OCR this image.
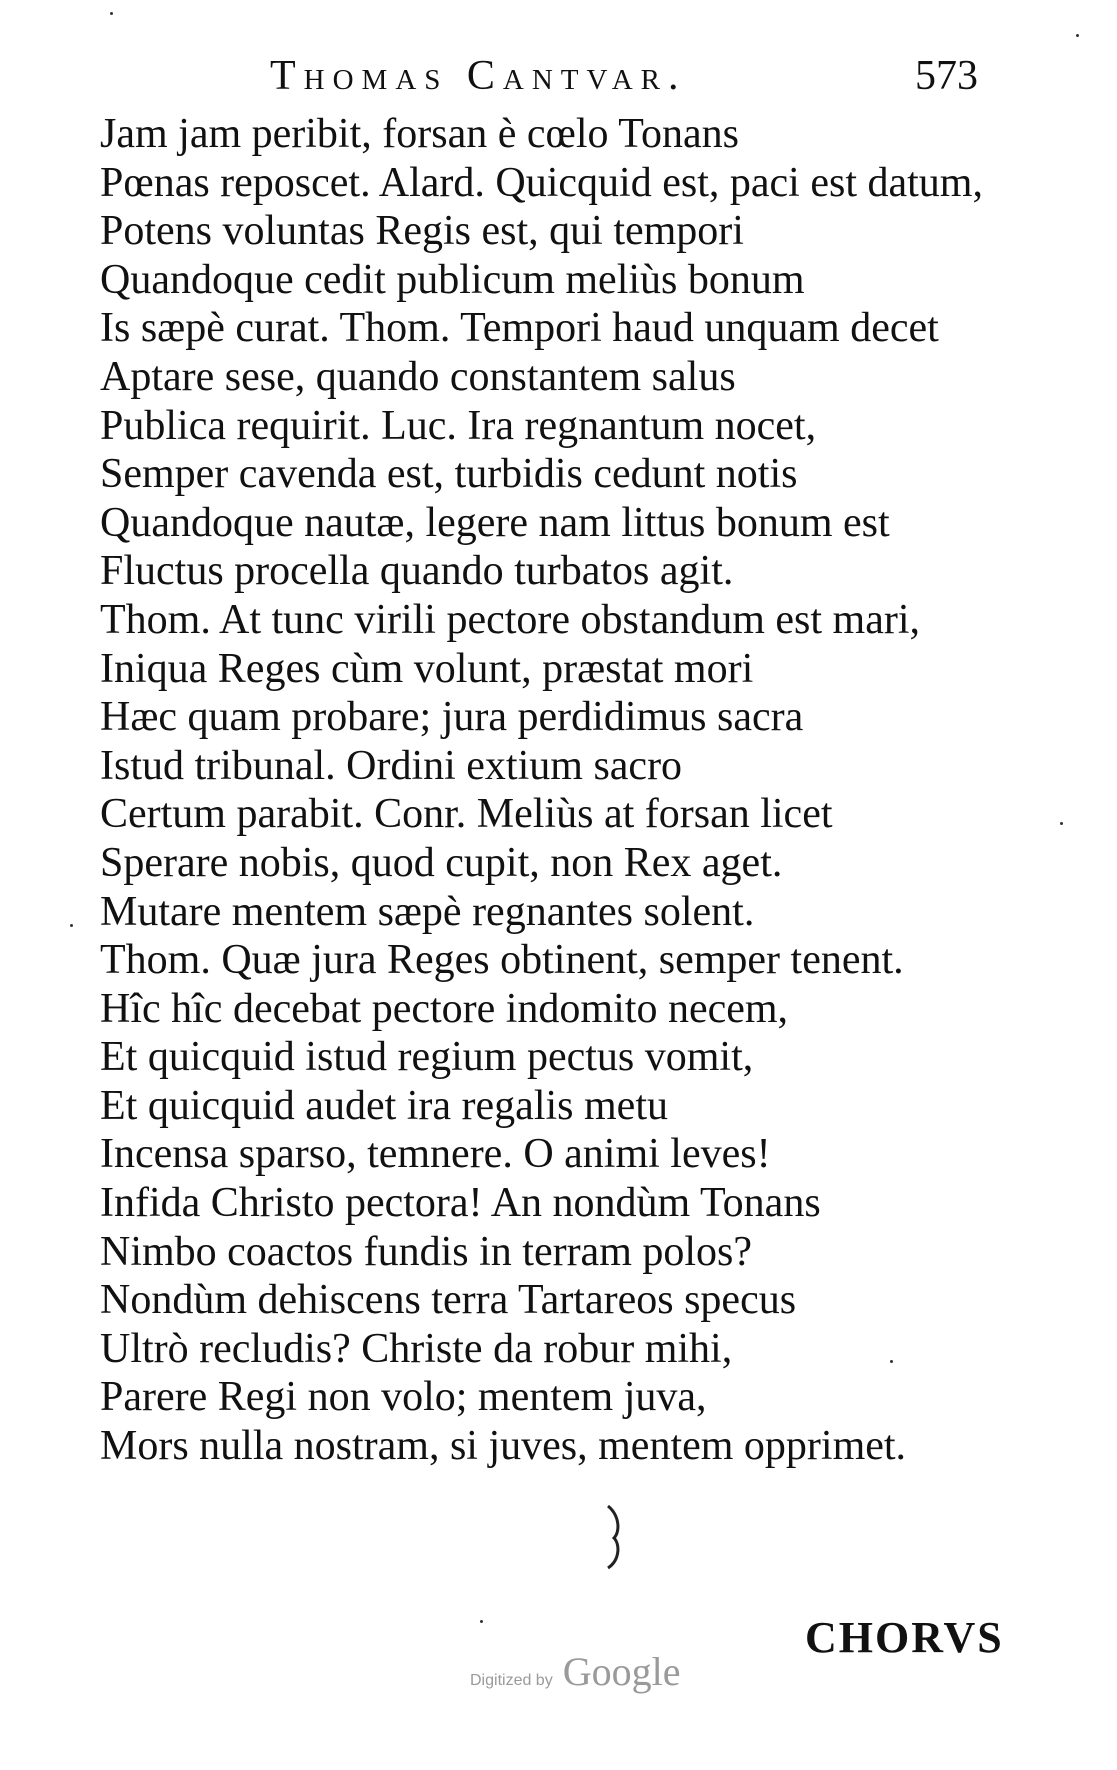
Thomas Cantvar.	573
Jam jam peribit, forsan è cœlo Tonans
Pœnas reposcet. Alard. Quicquid est, paci est datum,
Potens voluntas Regis est, qui tempori
Quandoque cedit publicum meliùs bonum
Is sæpè curat. Thom. Tempori haud unquam decet
Aptare sese, quando constantem salus
Publica requirit. Luc. Ira regnantum nocet,
Semper cavenda est, turbidis cedunt notis
Quandoque nautæ, legere nam littus bonum est
Fluctus procella quando turbatos agit.
Thom. At tunc virili pectore obstandum est mari,
Iniqua Reges cùm volunt, præstat mori
Hæc quam probare; jura perdidimus sacra
Istud tribunal. Ordini extium sacro
Certum parabit. Conr. Meliùs at forsan licet
Sperare nobis, quod cupit, non Rex aget.
Mutare mentem sæpè regnantes solent.
Thom. Quæ jura Reges obtinent, semper tenent.
Hîc hîc decebat pectore indomito necem,
Et quicquid istud regium pectus vomit,
Et quicquid audet ira regalis metu
Incensa sparso, temnere. O animi leves!
Infida Christo pectora! An nondùm Tonans
Nimbo coactos fundis in terram polos?
Nondùm dehiscens terra Tartareos specus
Ultrò recludis? Christe da robur mihi,
Parere Regi non volo; mentem juva,
Mors nulla nostram, si juves, mentem opprimet.
CHORVS
Digitized by Google
